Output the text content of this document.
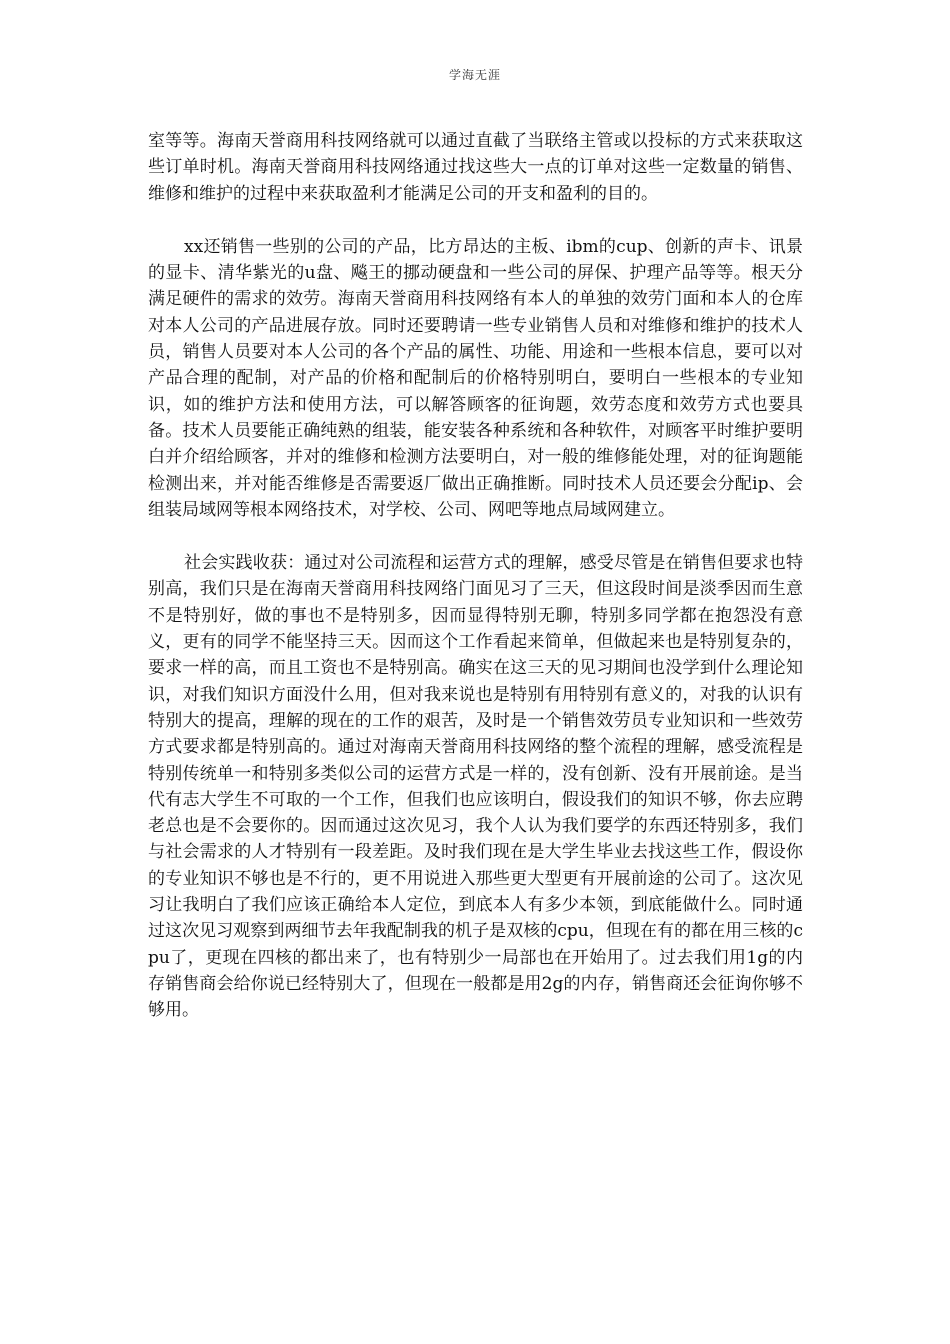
学海无涯

室等等。海南天誉商用科技网络就可以通过直截了当联络主管或以投标的方式来获取这些订单时机。海南天誉商用科技网络通过找这些大一点的订单对这些一定数量的销售、维修和维护的过程中来获取盈利才能满足公司的开支和盈利的目的。

xx还销售一些别的公司的产品，比方昂达的主板、ibm的cup、创新的声卡、讯景的显卡、清华紫光的u盘、飚王的挪动硬盘和一些公司的屏保、护理产品等等。根天分满足硬件的需求的效劳。海南天誉商用科技网络有本人的单独的效劳门面和本人的仓库对本人公司的产品进展存放。同时还要聘请一些专业销售人员和对维修和维护的技术人员，销售人员要对本人公司的各个产品的属性、功能、用途和一些根本信息，要可以对产品合理的配制，对产品的价格和配制后的价格特别明白，要明白一些根本的专业知识，如的维护方法和使用方法，可以解答顾客的征询题，效劳态度和效劳方式也要具备。技术人员要能正确纯熟的组装，能安装各种系统和各种软件，对顾客平时维护要明白并介绍给顾客，并对的维修和检测方法要明白，对一般的维修能处理，对的征询题能检测出来，并对能否维修是否需要返厂做出正确推断。同时技术人员还要会分配ip、会组装局域网等根本网络技术，对学校、公司、网吧等地点局域网建立。

社会实践收获：通过对公司流程和运营方式的理解，感受尽管是在销售但要求也特别高，我们只是在海南天誉商用科技网络门面见习了三天，但这段时间是淡季因而生意不是特别好，做的事也不是特别多，因而显得特别无聊，特别多同学都在抱怨没有意义，更有的同学不能坚持三天。因而这个工作看起来简单，但做起来也是特别复杂的，要求一样的高，而且工资也不是特别高。确实在这三天的见习期间也没学到什么理论知识，对我们知识方面没什么用，但对我来说也是特别有用特别有意义的，对我的认识有特别大的提高，理解的现在的工作的艰苦，及时是一个销售效劳员专业知识和一些效劳方式要求都是特别高的。通过对海南天誉商用科技网络的整个流程的理解，感受流程是特别传统单一和特别多类似公司的运营方式是一样的，没有创新、没有开展前途。是当代有志大学生不可取的一个工作，但我们也应该明白，假设我们的知识不够，你去应聘老总也是不会要你的。因而通过这次见习，我个人认为我们要学的东西还特别多，我们与社会需求的人才特别有一段差距。及时我们现在是大学生毕业去找这些工作，假设你的专业知识不够也是不行的，更不用说进入那些更大型更有开展前途的公司了。这次见习让我明白了我们应该正确给本人定位，到底本人有多少本领，到底能做什么。同时通过这次见习观察到两细节去年我配制我的机子是双核的cpu，但现在有的都在用三核的cpu了，更现在四核的都出来了，也有特别少一局部也在开始用了。过去我们用1g的内存销售商会给你说已经特别大了，但现在一般都是用2g的内存，销售商还会征询你够不够用。
